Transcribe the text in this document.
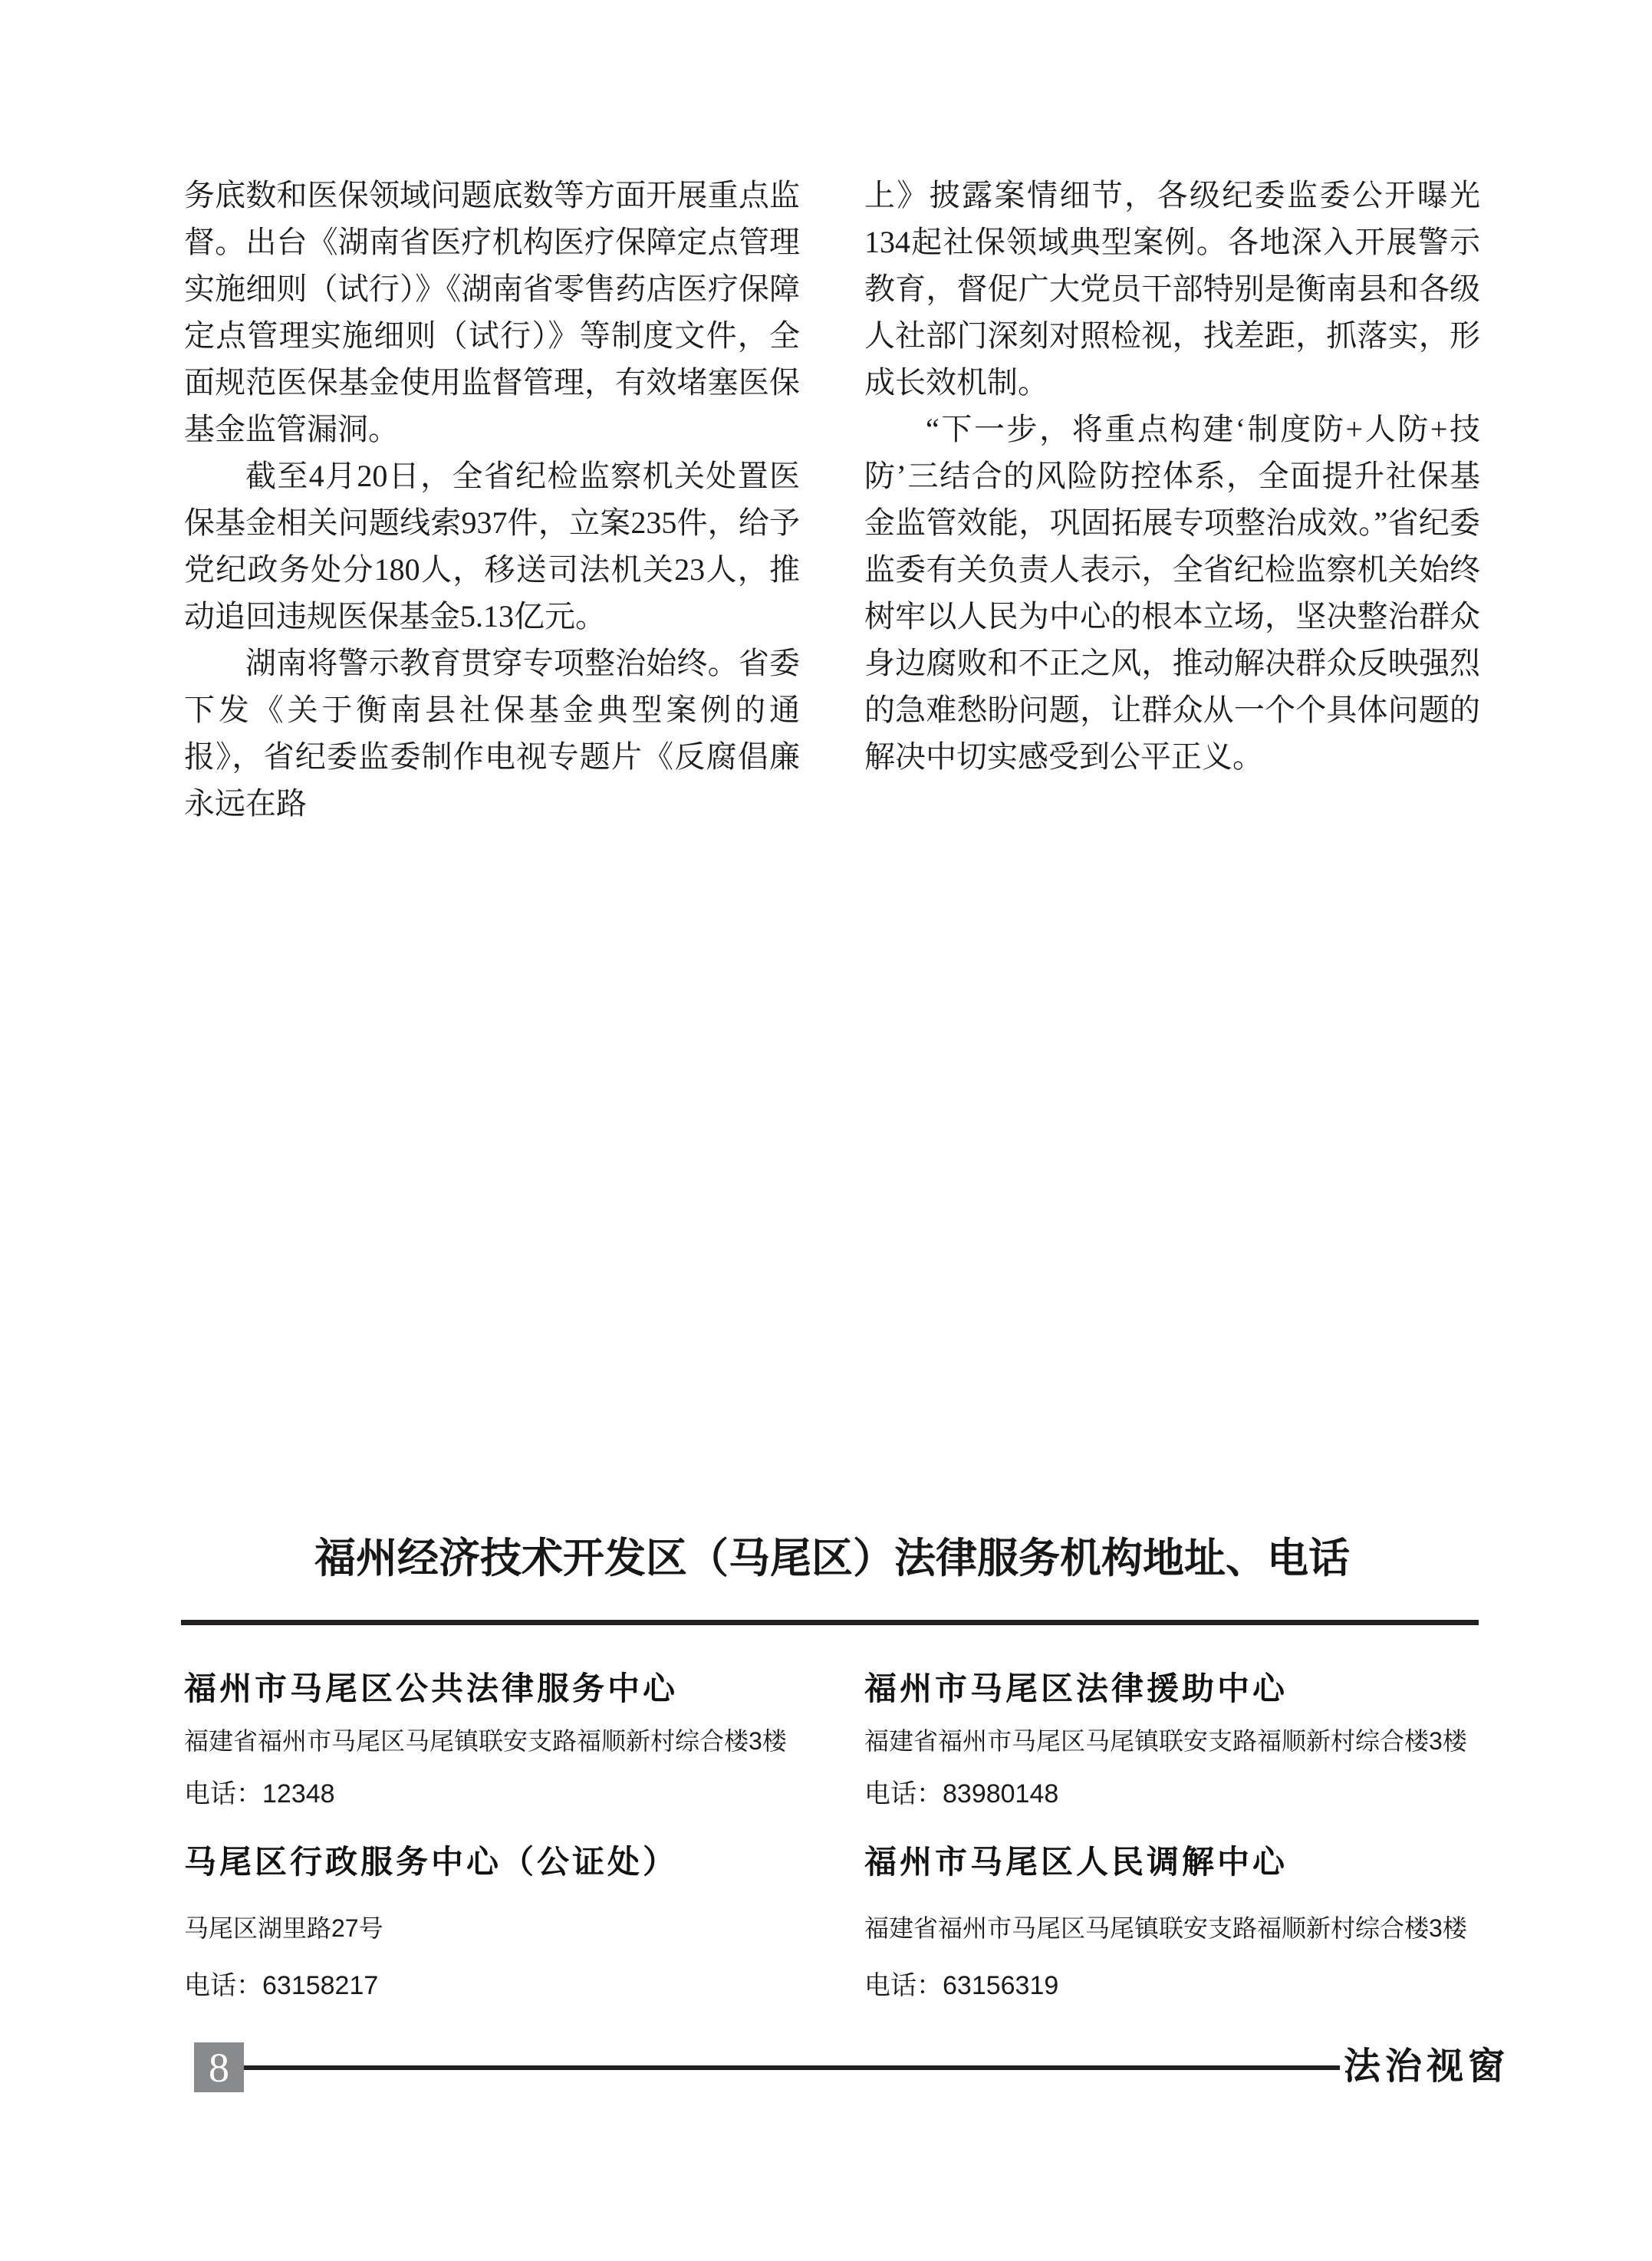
务底数和医保领域问题底数等方面开展重点监督。出台《湖南省医疗机构医疗保障定点管理实施细则（试行）》《湖南省零售药店医疗保障定点管理实施细则（试行）》等制度文件，全面规范医保基金使用监督管理，有效堵塞医保基金监管漏洞。

截至4月20日，全省纪检监察机关处置医保基金相关问题线索937件，立案235件，给予党纪政务处分180人，移送司法机关23人，推动追回违规医保基金5.13亿元。

湖南将警示教育贯穿专项整治始终。省委下发《关于衡南县社保基金典型案例的通报》，省纪委监委制作电视专题片《反腐倡廉永远在路

上》披露案情细节，各级纪委监委公开曝光134起社保领域典型案例。各地深入开展警示教育，督促广大党员干部特别是衡南县和各级人社部门深刻对照检视，找差距，抓落实，形成长效机制。

“下一步，将重点构建‘制度防+人防+技防’三结合的风险防控体系，全面提升社保基金监管效能，巩固拓展专项整治成效。”省纪委监委有关负责人表示，全省纪检监察机关始终树牢以人民为中心的根本立场，坚决整治群众身边腐败和不正之风，推动解决群众反映强烈的急难愁盼问题，让群众从一个个具体问题的解决中切实感受到公平正义。

福州经济技术开发区（马尾区）法律服务机构地址、电话
福州市马尾区公共法律服务中心
福建省福州市马尾区马尾镇联安支路福顺新村综合楼3楼
电话：12348
马尾区行政服务中心（公证处）
马尾区湖里路27号
电话：63158217
福州市马尾区法律援助中心
福建省福州市马尾区马尾镇联安支路福顺新村综合楼3楼
电话：83980148
福州市马尾区人民调解中心
福建省福州市马尾区马尾镇联安支路福顺新村综合楼3楼
电话：63156319
8	法治视窗
